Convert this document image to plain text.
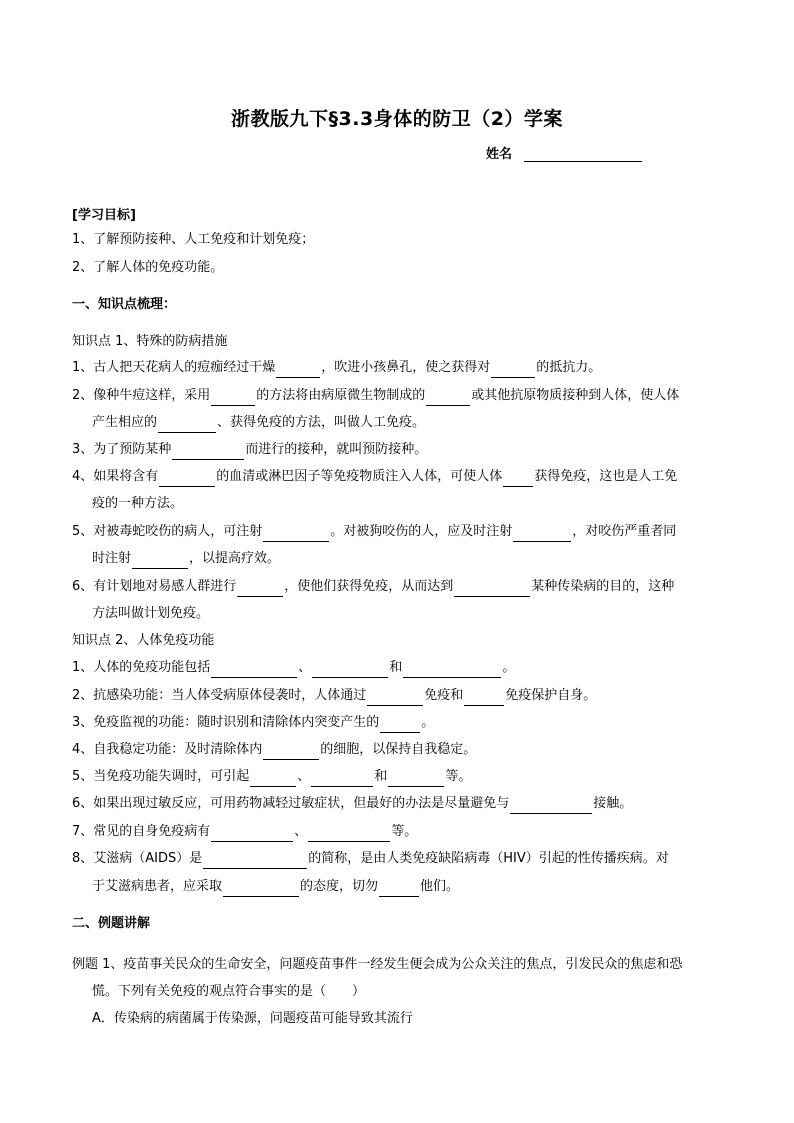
浙教版九下§3.3身体的防卫（2）学案
姓名
[学习目标]
1、了解预防接种、人工免疫和计划免疫；
2、了解人体的免疫功能。
一、知识点梳理：
知识点 1、特殊的防病措施
1、古人把天花病人的痘痂经过干燥	，吹进小孩鼻孔，使之获得对	的抵抗力。
2、像种牛痘这样，采用	的方法将由病原微生物制成的	或其他抗原物质接种到人体，使人体
产生相应的	、获得免疫的方法，叫做人工免疫。
3、为了预防某种	而进行的接种，就叫预防接种。
4、如果将含有	的血清或淋巴因子等免疫物质注入人体，可使人体 获得免疫，这也是人工免
疫的一种方法。
5、对被毒蛇咬伤的病人，可注射	。对被狗咬伤的人，应及时注射	，对咬伤严重者同
时注射	，以提高疗效。
6、有计划地对易感人群进行	，使他们获得免疫，从而达到	某种传染病的目的，这种
方法叫做计划免疫。
知识点 2、人体免疫功能
1、人体的免疫功能包括	、	和	。
2、抗感染功能：当人体受病原体侵袭时，人体通过	免疫和	免疫保护自身。
3、免疫监视的功能：随时识别和清除体内突变产生的	。
4、自我稳定功能：及时清除体内	的细胞，以保持自我稳定。
5、当免疫功能失调时，可引起	、	和	等。
6、如果出现过敏反应，可用药物减轻过敏症状，但最好的办法是尽量避免与	接触。
7、常见的自身免疫病有	、	等。
8、艾滋病（AIDS）是	的简称，是由人类免疫缺陷病毒（HIV）引起的性传播疾病。对
于艾滋病患者，应采取	的态度，切勿	他们。
二、例题讲解
例题 1、疫苗事关民众的生命安全，问题疫苗事件一经发生便会成为公众关注的焦点，引发民众的焦虑和恐
慌。下列有关免疫的观点符合事实的是（　　）
A．传染病的病菌属于传染源，问题疫苗可能导致其流行
